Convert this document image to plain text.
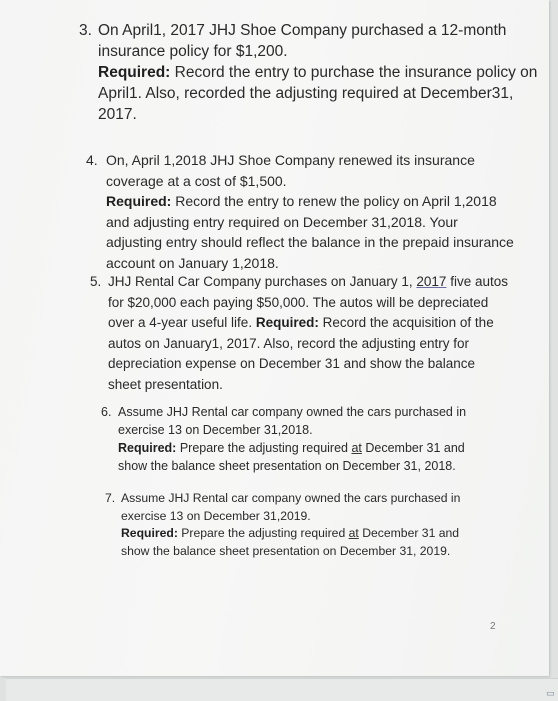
3. On April1, 2017 JHJ Shoe Company purchased a 12-month

insurance policy for $1,200.

Required: Record the entry to purchase the insurance policy on

April1. Also, recorded the adjusting required at December31,

2017.

4. On, April 1,2018 JHJ Shoe Company renewed its insurance

coverage at a cost of $1,500.

Required: Record the entry to renew the policy on April 1,2018

and adjusting entry required on December 31,2018. Your

adjusting entry should reflect the balance in the prepaid insurance

account on January 1,2018.

5. JHJ Rental Car Company purchases on January 1, 2017 five autos

for $20,000 each paying $50,000. The autos will be depreciated

over a 4-year useful life. Required: Record the acquisition of the

autos on January1, 2017. Also, record the adjusting entry for

depreciation expense on December 31 and show the balance

sheet presentation.

6. Assume JHJ Rental car company owned the cars purchased in

exercise 13 on December 31,2018.

Required: Prepare the adjusting required at December 31 and

show the balance sheet presentation on December 31, 2018.

7. Assume JHJ Rental car company owned the cars purchased in

exercise 13 on December 31,2019.

Required: Prepare the adjusting required at December 31 and

show the balance sheet presentation on December 31, 2019.

2
▭
